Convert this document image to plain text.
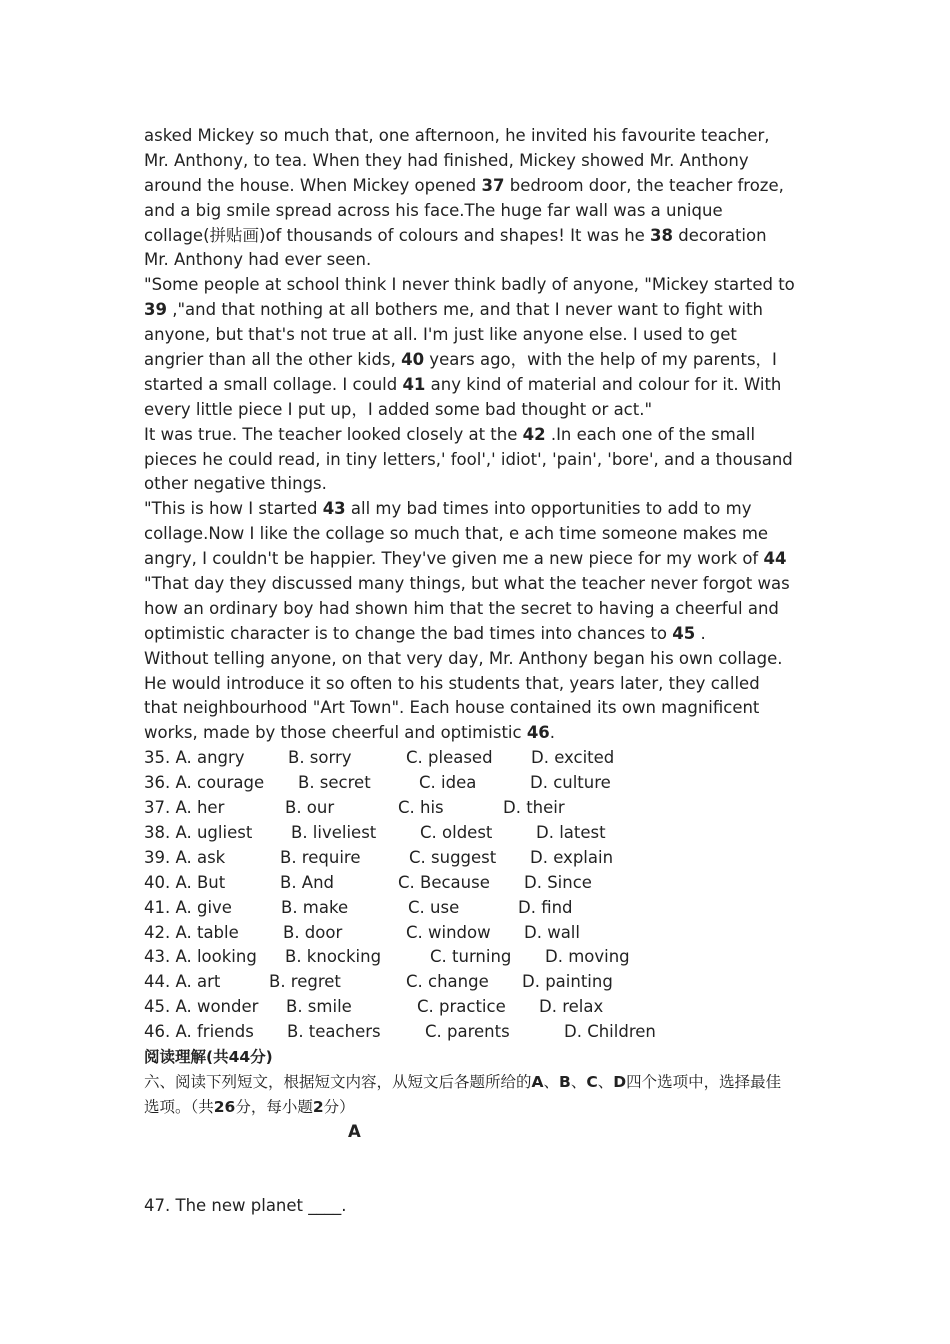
asked Mickey so much that, one afternoon, he invited his favourite teacher,
Mr. Anthony, to tea. When they had finished, Mickey showed Mr. Anthony
around the house. When Mickey opened 37 bedroom door, the teacher froze,
and a big smile spread across his face.The huge far wall was a unique
collage(拼贴画)of thousands of colours and shapes! It was he 38 decoration
Mr. Anthony had ever seen.
"Some people at school think I never think badly of anyone, "Mickey started to
39 ,"and that nothing at all bothers me, and that I never want to fight with
anyone, but that's not true at all. I'm just like anyone else. I used to get
angrier than all the other kids, 40 years ago，with the help of my parents，I
started a small collage. I could 41 any kind of material and colour for it. With
every little piece I put up，I added some bad thought or act."
It was true. The teacher looked closely at the 42 .In each one of the small
pieces he could read, in tiny letters,' fool',' idiot', 'pain', 'bore', and a thousand
other negative things.
"This is how I started 43 all my bad times into opportunities to add to my
collage.Now I like the collage so much that, e ach time someone makes me
angry, I couldn't be happier. They've given me a new piece for my work of 44
"That day they discussed many things, but what the teacher never forgot was
how an ordinary boy had shown him that the secret to having a cheerful and
optimistic character is to change the bad times into chances to 45 .
Without telling anyone, on that very day, Mr. Anthony began his own collage.
He would introduce it so often to his students that, years later, they called
that neighbourhood "Art Town". Each house contained its own magnificent
works, made by those cheerful and optimistic 46.
35. A. angry	B. sorry	C. pleased D. excited
36. A. courage B. secret	C. idea	D. culture
37. A. her	B. our	C. his	D. their
38. A. ugliest B. liveliest	C. oldest	D. latest
39. A. ask	B. require	C. suggest D. explain
40. A. But	B. And	C. Because D. Since
41. A. give	B. make	C. use	D. find
42. A. table	B. door	C. window D. wall
43. A. looking B. knocking	C. turning D. moving
44. A. art	B. regret	C. change D. painting
45. A. wonder B. smile	C. practice D. relax
46. A. friends B. teachers	C. parents	D. Children
阅读理解(共44分)
六、阅读下列短文，根据短文内容，从短文后各题所给的A、B、C、D四个选项中，选择最佳
选项。（共26分，每小题2分）
A
47. The new planet ____.
